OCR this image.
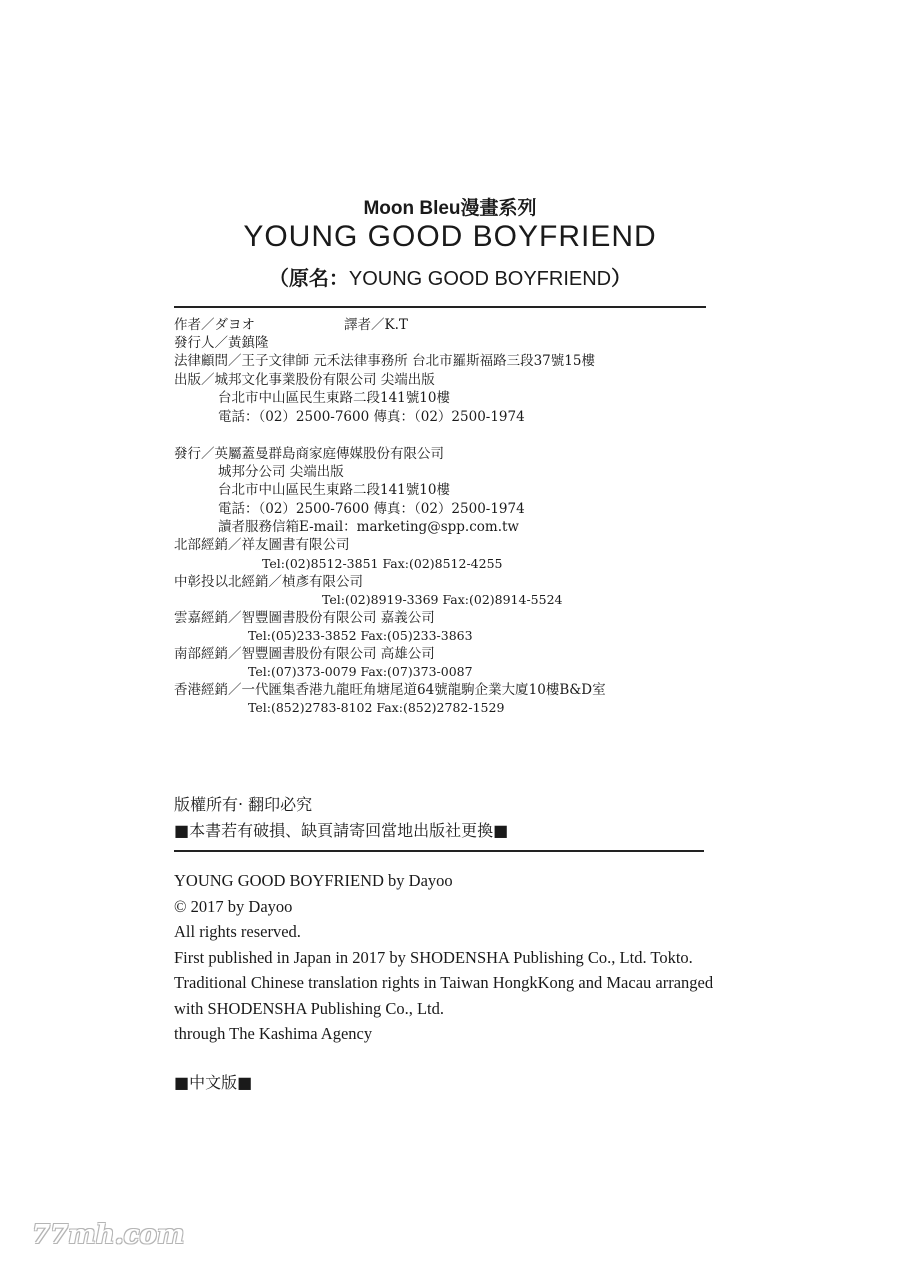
Moon Bleu漫畫系列
YOUNG GOOD BOYFRIEND
（原名：YOUNG GOOD BOYFRIEND）
作者／ダヨオ	譯者／K.T
發行人／黃鎮隆
法律顧問／王子文律師 元禾法律事務所 台北市羅斯福路三段37號15樓
出版／城邦文化事業股份有限公司 尖端出版
台北市中山區民生東路二段141號10樓
電話：（02）2500-7600 傳真：（02）2500-1974
發行／英屬蓋曼群島商家庭傳媒股份有限公司
城邦分公司 尖端出版
台北市中山區民生東路二段141號10樓
電話：（02）2500-7600 傳真：（02）2500-1974
讀者服務信箱E-mail：marketing@spp.com.tw
北部經銷／祥友圖書有限公司
Tel:(02)8512-3851 Fax:(02)8512-4255
中彰投以北經銷／楨彥有限公司
Tel:(02)8919-3369 Fax:(02)8914-5524
雲嘉經銷／智豐圖書股份有限公司 嘉義公司
Tel:(05)233-3852 Fax:(05)233-3863
南部經銷／智豐圖書股份有限公司 高雄公司
Tel:(07)373-0079 Fax:(07)373-0087
香港經銷／一代匯集香港九龍旺角塘尾道64號龍駒企業大廈10樓B&D室
Tel:(852)2783-8102 Fax:(852)2782-1529
版權所有‧ 翻印必究
■本書若有破損、缺頁請寄回當地出版社更換■
YOUNG GOOD BOYFRIEND by Dayoo
© 2017 by Dayoo
All rights reserved.
First published in Japan in 2017 by SHODENSHA Publishing Co., Ltd. Tokto.
Traditional Chinese translation rights in Taiwan HongkKong and Macau arranged
with SHODENSHA Publishing Co., Ltd.
through The Kashima Agency
■中文版■
77mh.com
